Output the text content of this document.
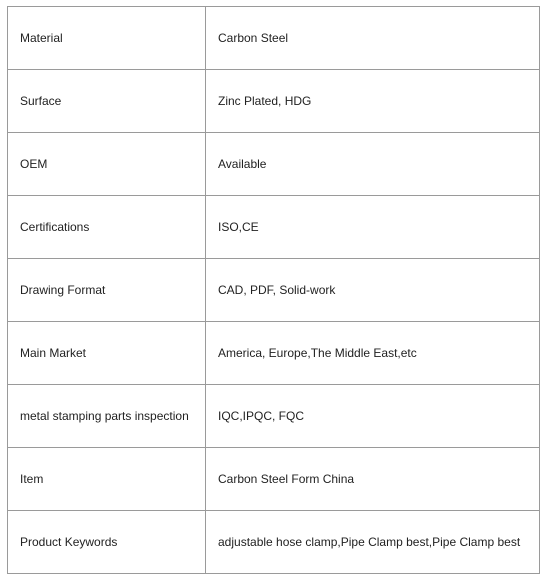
Material	Carbon Steel
Surface	Zinc Plated, HDG
OEM	Available
Certifications	ISO,CE
Drawing Format	CAD, PDF, Solid-work
Main Market	America, Europe,The Middle East,etc
metal stamping parts inspection	IQC,IPQC, FQC
Item	Carbon Steel Form China
Product Keywords	adjustable hose clamp,Pipe Clamp best,Pipe Clamp best
